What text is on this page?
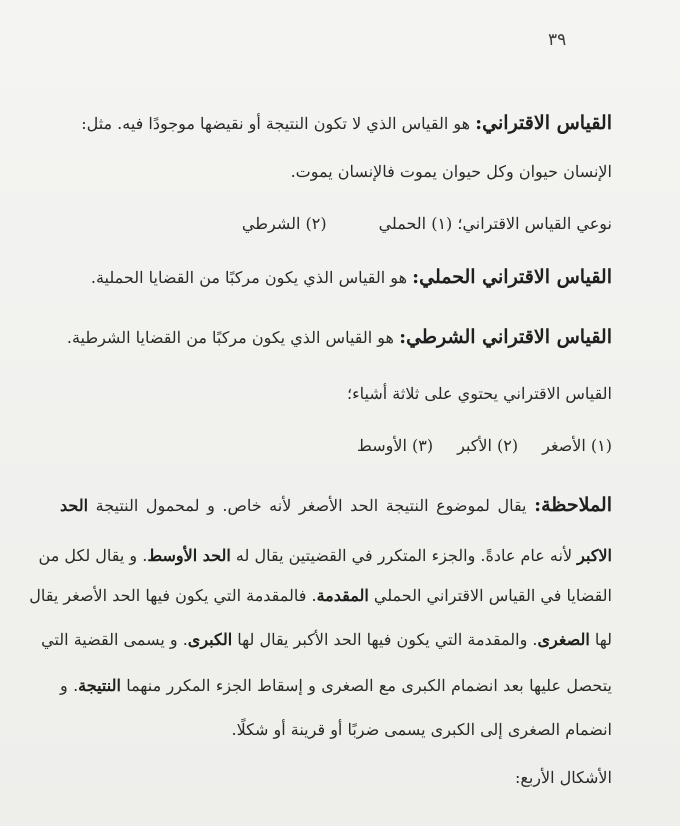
٣٩
القياس الاقتراني: هو القياس الذي لا تكون النتيجة أو نقيضها موجودًا فيه. مثل:
الإنسان حيوان وكل حيوان يموت فالإنسان يموت.
نوعي القياس الاقتراني؛ (١) الحملي(٢) الشرطي
القياس الاقتراني الحملي: هو القياس الذي يكون مركبًا من القضايا الحملية.
القياس الاقتراني الشرطي: هو القياس الذي يكون مركبًا من القضايا الشرطية.
القياس الاقتراني يحتوي على ثلاثة أشياء؛
(١) الأصغر(٢) الأكبر(٣) الأوسط
الملاحظة: يقال لموضوع النتيجة الحد الأصغر لأنه خاص. و لمحمول النتيجة الحد
الاكبر لأنه عام عادةً. والجزء المتكرر في القضيتين يقال له الحد الأوسط. و يقال لكل من
القضايا في القياس الاقتراني الحملي المقدمة. فالمقدمة التي يكون فيها الحد الأصغر يقال
لها الصغرى. والمقدمة التي يكون فيها الحد الأكبر يقال لها الكبرى. و يسمى القضية التي
يتحصل عليها بعد انضمام الكبرى مع الصغرى و إسقاط الجزء المكرر منهما النتيجة. و
انضمام الصغرى إلى الكبرى يسمى ضربًا أو قرينة أو شكلًا.
الأشكال الأربع:
